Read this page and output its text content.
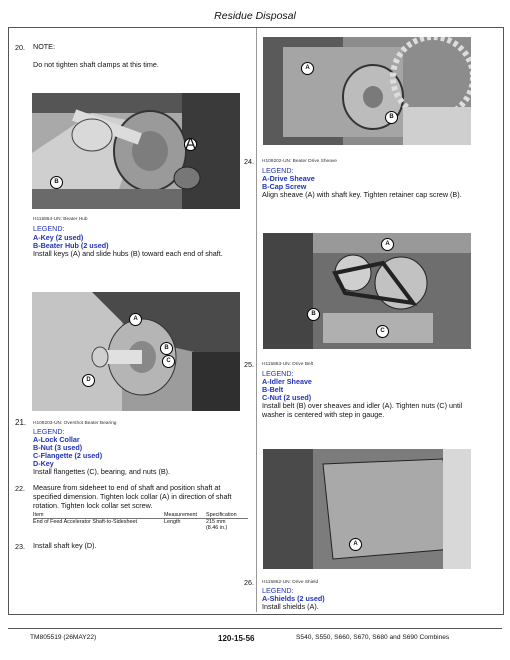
Residue Disposal
20. NOTE:
Do not tighten shaft clamps at this time.
A
B
H115864-UN: Beater Hub
LEGEND:
A-Key (2 used)
B-Beater Hub (2 used)
Install keys (A) and slide hubs (B) toward each end of shaft.
A
B
C
D
21. H109203-UN: Overshot Beater Bearing
LEGEND:
A-Lock Collar
B-Nut (3 used)
C-Flangette (2 used)
D-Key
Install flangettes (C), bearing, and nuts (B).
22. Measure from sideheet to end of shaft and position shaft at
specified dimension. Tighten lock collar (A) in direction of shaft
rotation. Tighten lock collar set screw.
Item	Measurement	Specification
End of Feed Accelerator Shaft-to-Sidesheet	Length	215 mm
(8.46 in.)
23. Install shaft key (D).
A
B
24. H109202-UN: Beater Drive Sheave
LEGEND:
A-Drive Sheave
B-Cap Screw
Align sheave (A) with shaft key. Tighten retainer cap screw (B).
A
B
C
25. H115863-UN: Drive Belt
LEGEND:
A-Idler Sheave
B-Belt
C-Nut (2 used)
Install belt (B) over sheaves and idler (A). Tighten nuts (C) until
washer is centered with step in gauge.
A
26. H115862-UN: Drive Shield
LEGEND:
A-Shields (2 used)
Install shields (A).
TM805519 (26MAY22)	120-15-56	S540, S550, S660, S670, S680 and S690 Combines
